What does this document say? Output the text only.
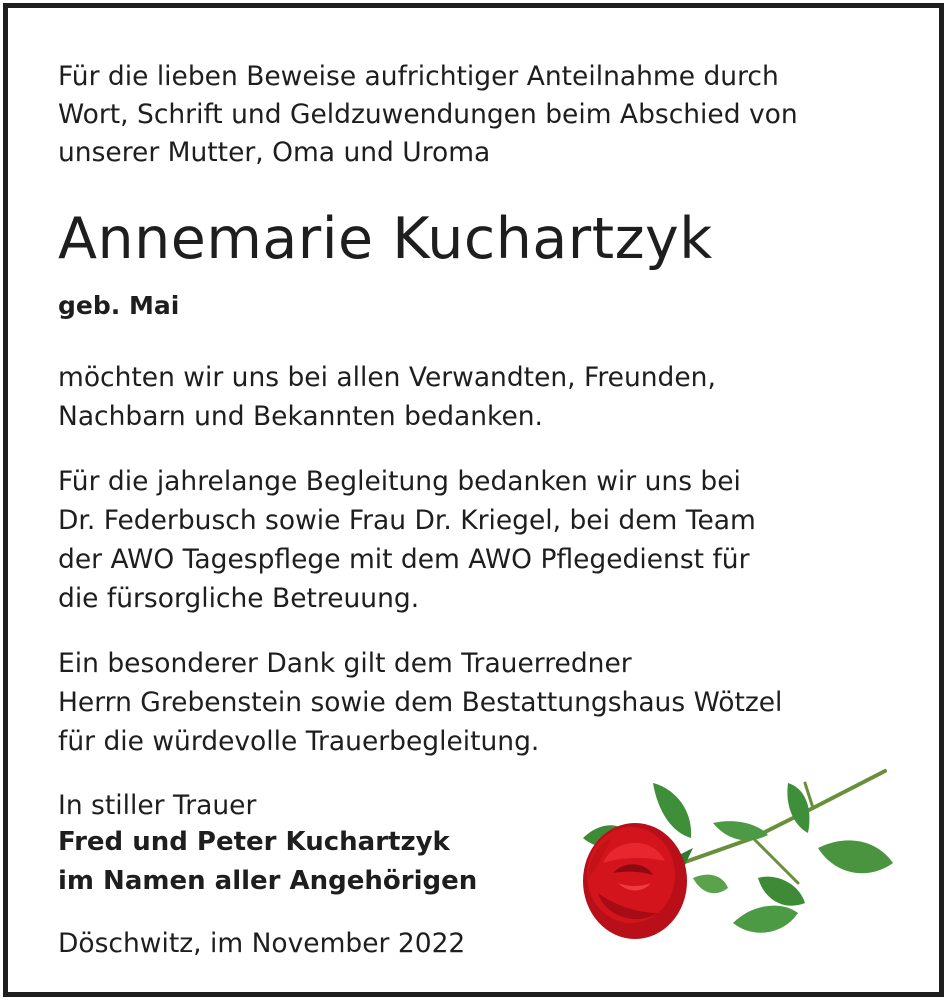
Für die lieben Beweise aufrichtiger Anteilnahme durch
Wort, Schrift und Geldzuwendungen beim Abschied von
unserer Mutter, Oma und Uroma

Annemarie Kuchartzyk

geb. Mai

möchten wir uns bei allen Verwandten, Freunden,
Nachbarn und Bekannten bedanken.

Für die jahrelange Begleitung bedanken wir uns bei
Dr. Federbusch sowie Frau Dr. Kriegel, bei dem Team
der AWO Tagespflege mit dem AWO Pflegedienst für
die fürsorgliche Betreuung.

Ein besonderer Dank gilt dem Trauerredner
Herrn Grebenstein sowie dem Bestattungshaus Wötzel
für die würdevolle Trauerbegleitung.

In stiller Trauer

Fred und Peter Kuchartzyk
im Namen aller Angehörigen

Döschwitz, im November 2022
